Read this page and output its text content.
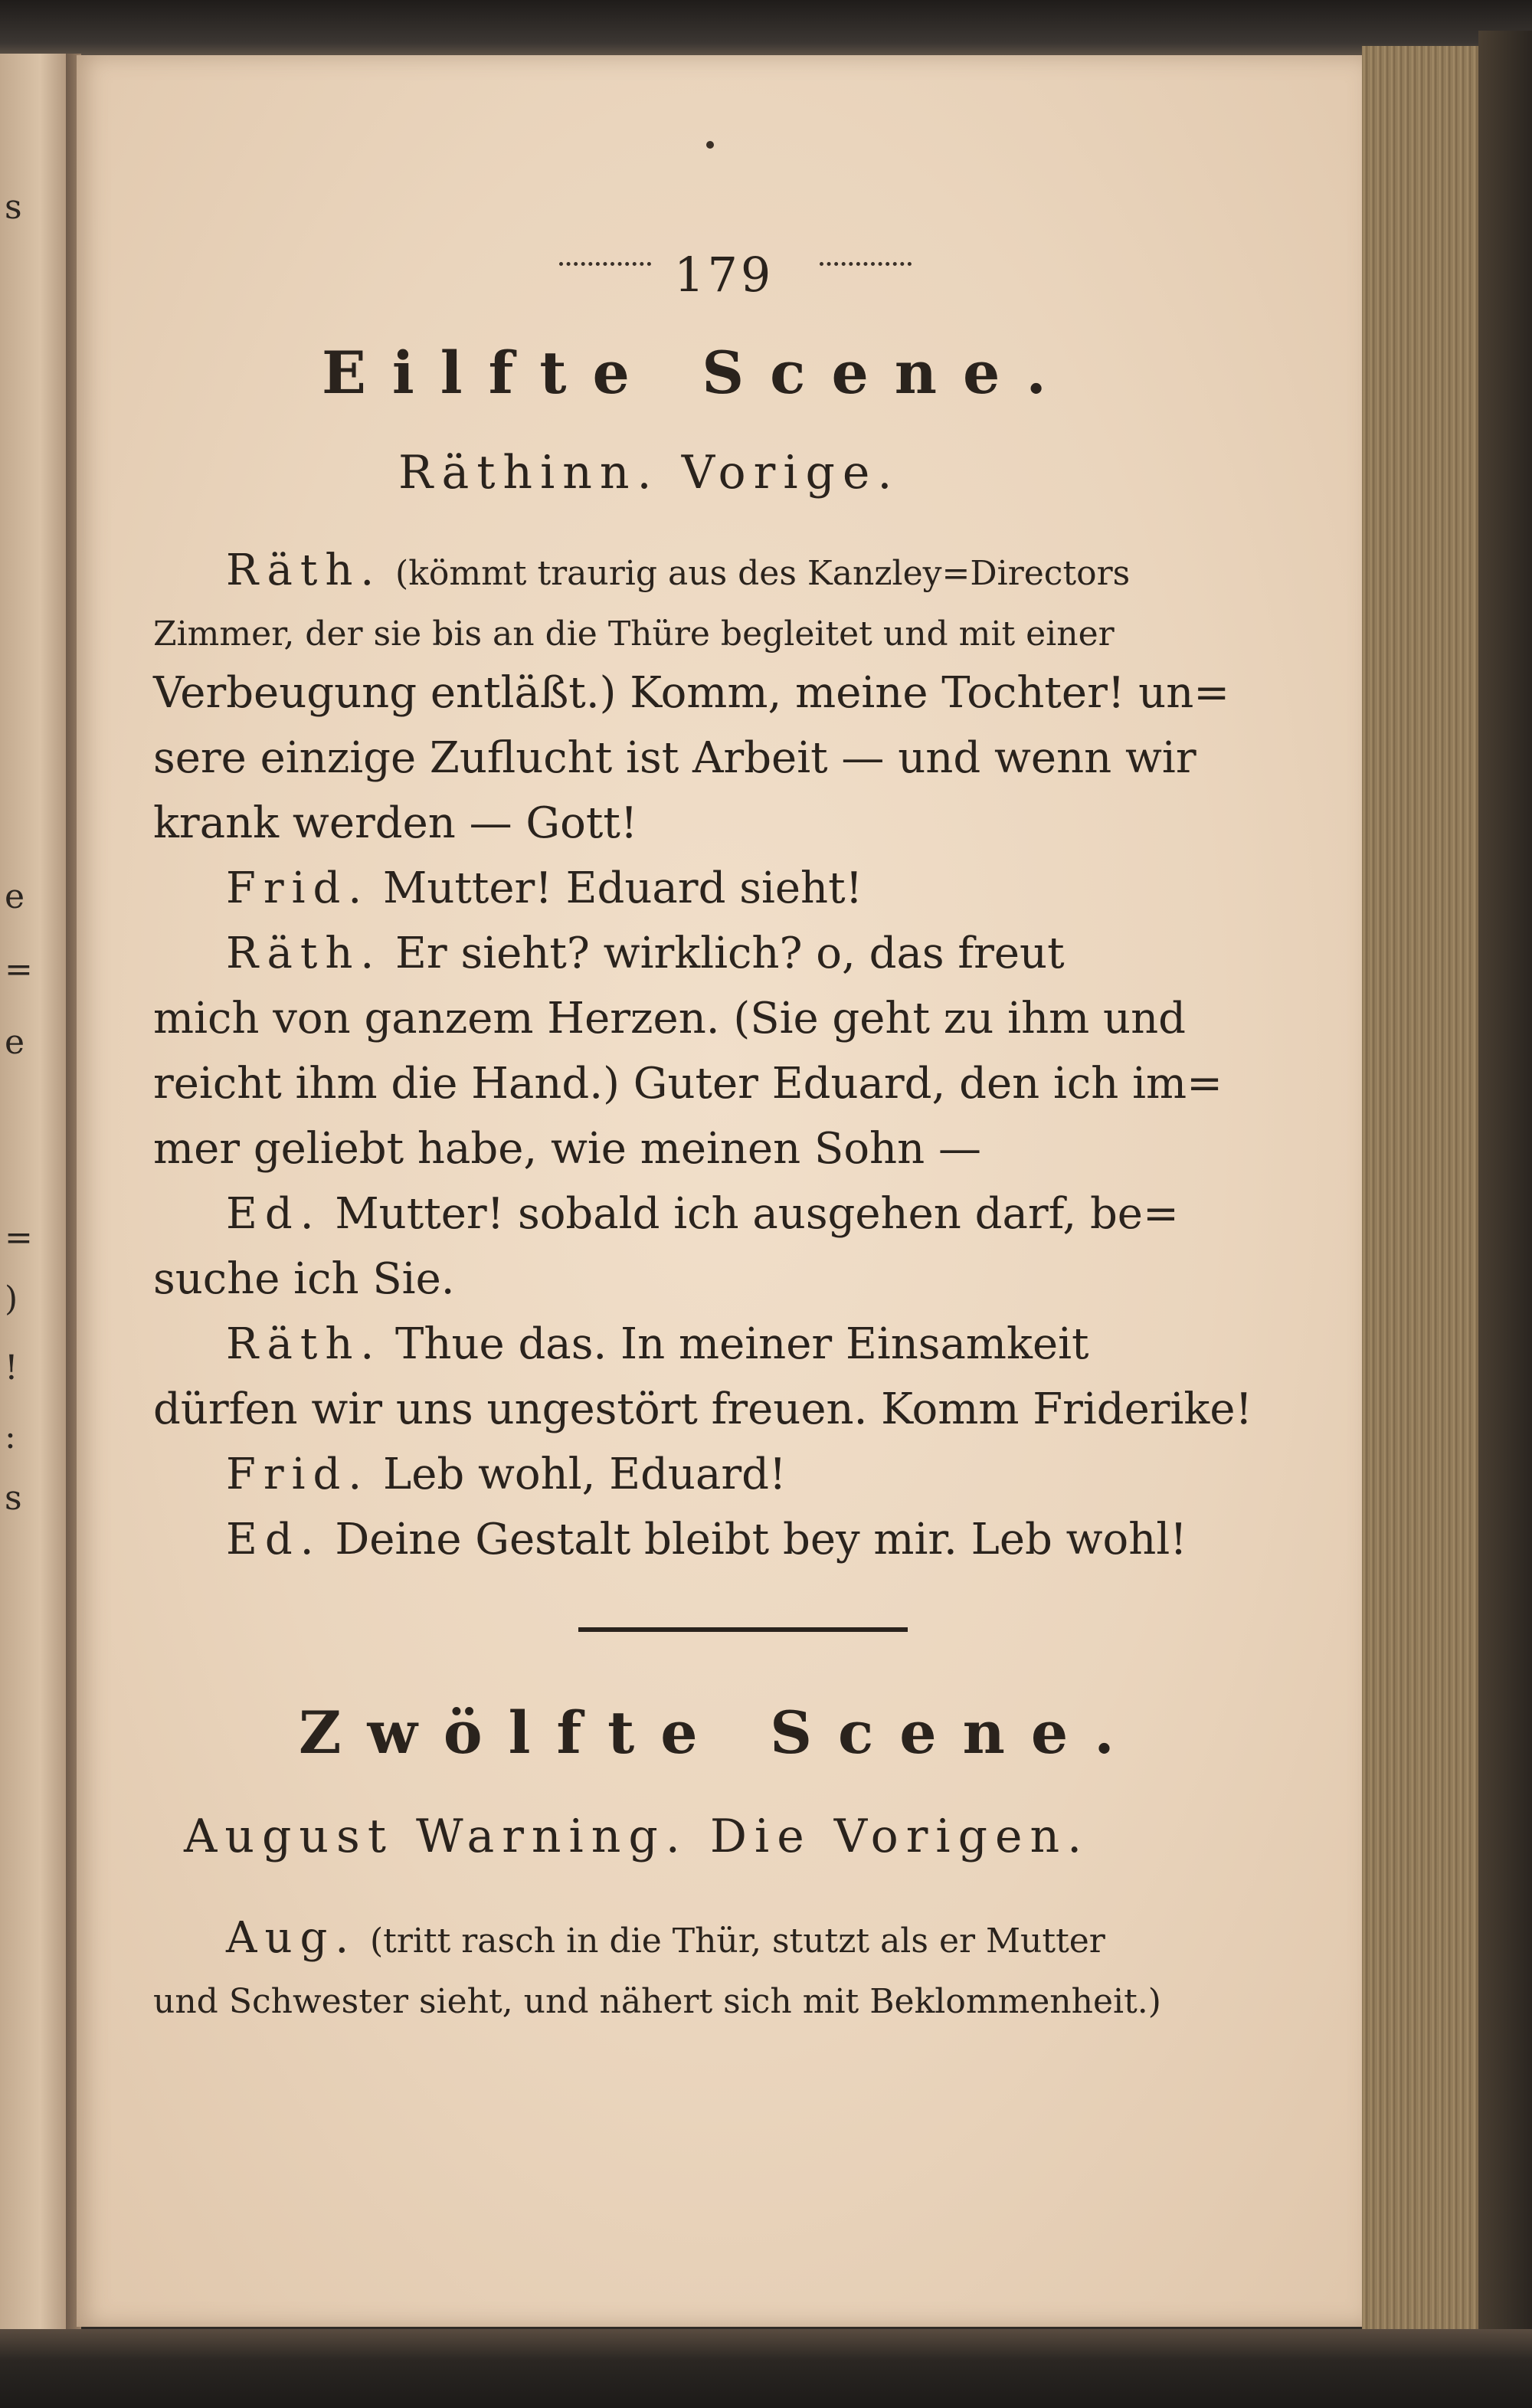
s
e
=
e
=
)
!
:
s
179
Eilfte Scene.
Räthinn. Vorige.
Räth. (kömmt traurig aus des Kanzley=Directors
Zimmer, der sie bis an die Thüre begleitet und mit einer
Verbeugung entläßt.) Komm, meine Tochter! un=
sere einzige Zuflucht ist Arbeit — und wenn wir
krank werden — Gott!
Frid. Mutter! Eduard sieht!
Räth. Er sieht? wirklich? o, das freut
mich von ganzem Herzen. (Sie geht zu ihm und
reicht ihm die Hand.) Guter Eduard, den ich im=
mer geliebt habe, wie meinen Sohn —
Ed. Mutter! sobald ich ausgehen darf, be=
suche ich Sie.
Räth. Thue das. In meiner Einsamkeit
dürfen wir uns ungestört freuen. Komm Friderike!
Frid. Leb wohl, Eduard!
Ed. Deine Gestalt bleibt bey mir. Leb wohl!
Zwölfte Scene.
August Warning. Die Vorigen.
Aug. (tritt rasch in die Thür, stutzt als er Mutter
und Schwester sieht, und nähert sich mit Beklommenheit.)
